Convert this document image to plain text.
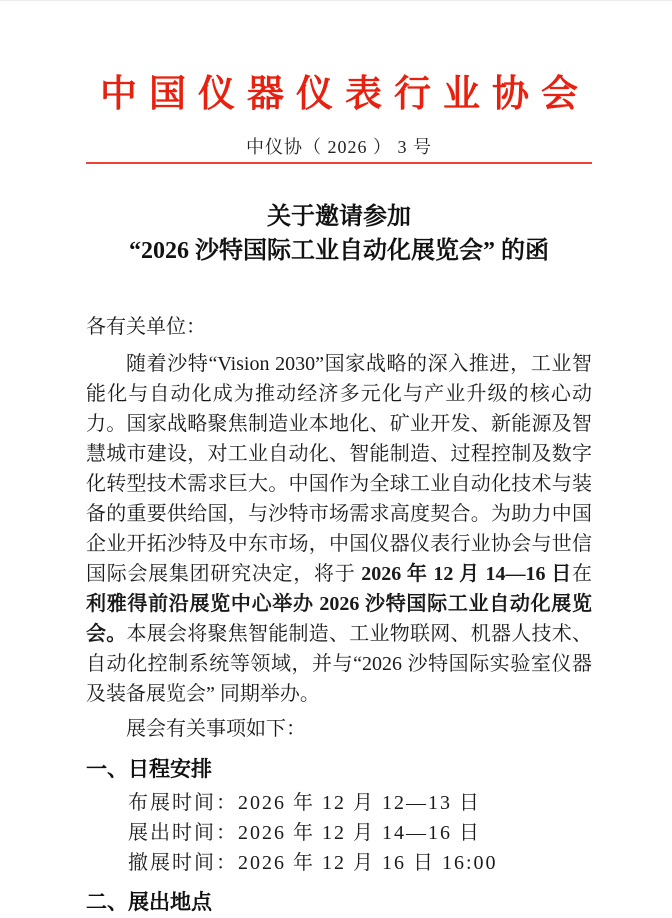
中国仪器仪表行业协会
中仪协（ 2026 ） 3 号
关于邀请参加
“2026 沙特国际工业自动化展览会” 的函
各有关单位：

随着沙特“Vision 2030”国家战略的深入推进，工业智能化与自动化成为推动经济多元化与产业升级的核心动力。国家战略聚焦制造业本地化、矿业开发、新能源及智慧城市建设，对工业自动化、智能制造、过程控制及数字化转型技术需求巨大。中国作为全球工业自动化技术与装备的重要供给国，与沙特市场需求高度契合。为助力中国企业开拓沙特及中东市场，中国仪器仪表行业协会与世信国际会展集团研究决定，将于 2026 年 12 月 14—16 日在利雅得前沿展览中心举办 2026 沙特国际工业自动化展览会。本展会将聚焦智能制造、工业物联网、机器人技术、自动化控制系统等领域，并与“2026 沙特国际实验室仪器及装备展览会” 同期举办。

展会有关事项如下：

一、日程安排

布展时间：2026 年 12 月 12—13 日

展出时间：2026 年 12 月 14—16 日

撤展时间：2026 年 12 月 16 日 16:00

二、展出地点
